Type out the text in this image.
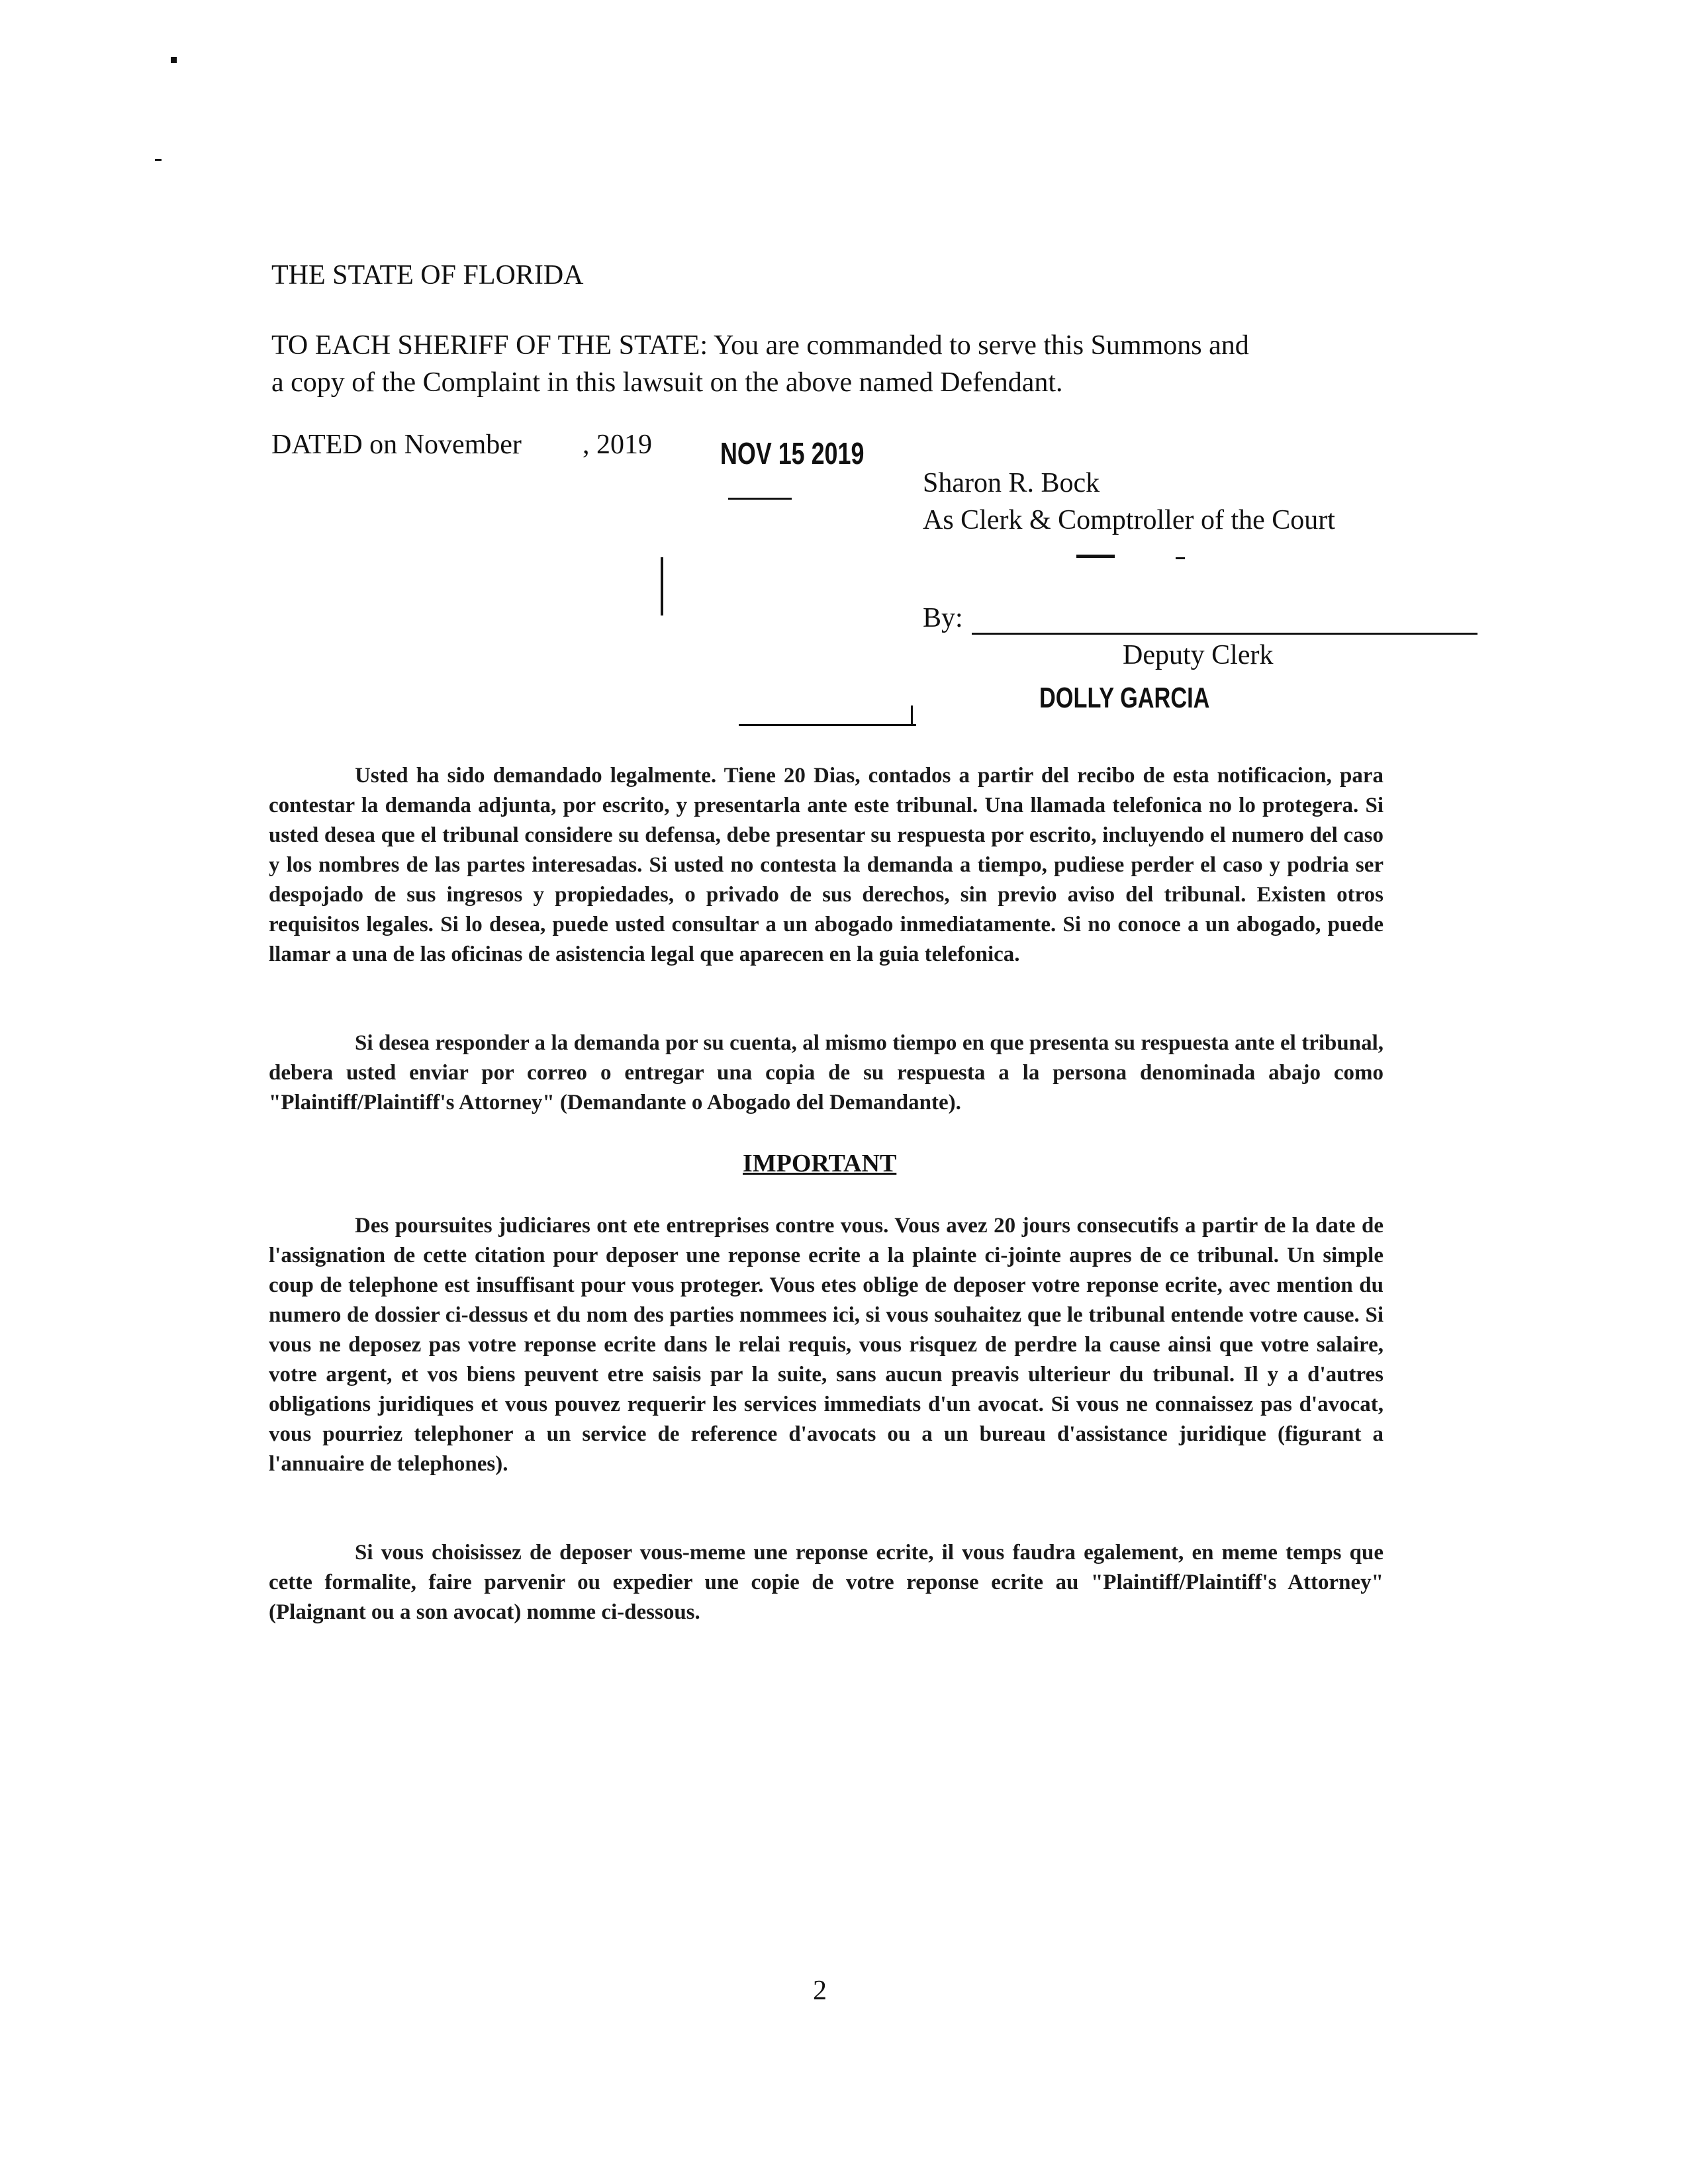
THE STATE OF FLORIDA
TO EACH SHERIFF OF THE STATE: You are commanded to serve this Summons and
a copy of the Complaint in this lawsuit on the above named Defendant.
DATED on November , 2019 NOV 15 2019
Sharon R. Bock
As Clerk & Comptroller of the Court
By:
Deputy Clerk
DOLLY GARCIA
Usted ha sido demandado legalmente. Tiene 20 Dias, contados a partir del recibo de esta notificacion, para contestar la demanda adjunta, por escrito, y presentarla ante este tribunal. Una llamada telefonica no lo protegera. Si usted desea que el tribunal considere su defensa, debe presentar su respuesta por escrito, incluyendo el numero del caso y los nombres de las partes interesadas. Si usted no contesta la demanda a tiempo, pudiese perder el caso y podria ser despojado de sus ingresos y propiedades, o privado de sus derechos, sin previo aviso del tribunal. Existen otros requisitos legales. Si lo desea, puede usted consultar a un abogado inmediatamente. Si no conoce a un abogado, puede llamar a una de las oficinas de asistencia legal que aparecen en la guia telefonica.
Si desea responder a la demanda por su cuenta, al mismo tiempo en que presenta su respuesta ante el tribunal, debera usted enviar por correo o entregar una copia de su respuesta a la persona denominada abajo como "Plaintiff/Plaintiff's Attorney" (Demandante o Abogado del Demandante).
IMPORTANT
Des poursuites judiciares ont ete entreprises contre vous. Vous avez 20 jours consecutifs a partir de la date de l'assignation de cette citation pour deposer une reponse ecrite a la plainte ci-jointe aupres de ce tribunal. Un simple coup de telephone est insuffisant pour vous proteger. Vous etes oblige de deposer votre reponse ecrite, avec mention du numero de dossier ci-dessus et du nom des parties nommees ici, si vous souhaitez que le tribunal entende votre cause. Si vous ne deposez pas votre reponse ecrite dans le relai requis, vous risquez de perdre la cause ainsi que votre salaire, votre argent, et vos biens peuvent etre saisis par la suite, sans aucun preavis ulterieur du tribunal. Il y a d'autres obligations juridiques et vous pouvez requerir les services immediats d'un avocat. Si vous ne connaissez pas d'avocat, vous pourriez telephoner a un service de reference d'avocats ou a un bureau d'assistance juridique (figurant a l'annuaire de telephones).
Si vous choisissez de deposer vous-meme une reponse ecrite, il vous faudra egalement, en meme temps que cette formalite, faire parvenir ou expedier une copie de votre reponse ecrite au "Plaintiff/Plaintiff's Attorney" (Plaignant ou a son avocat) nomme ci-dessous.
2
